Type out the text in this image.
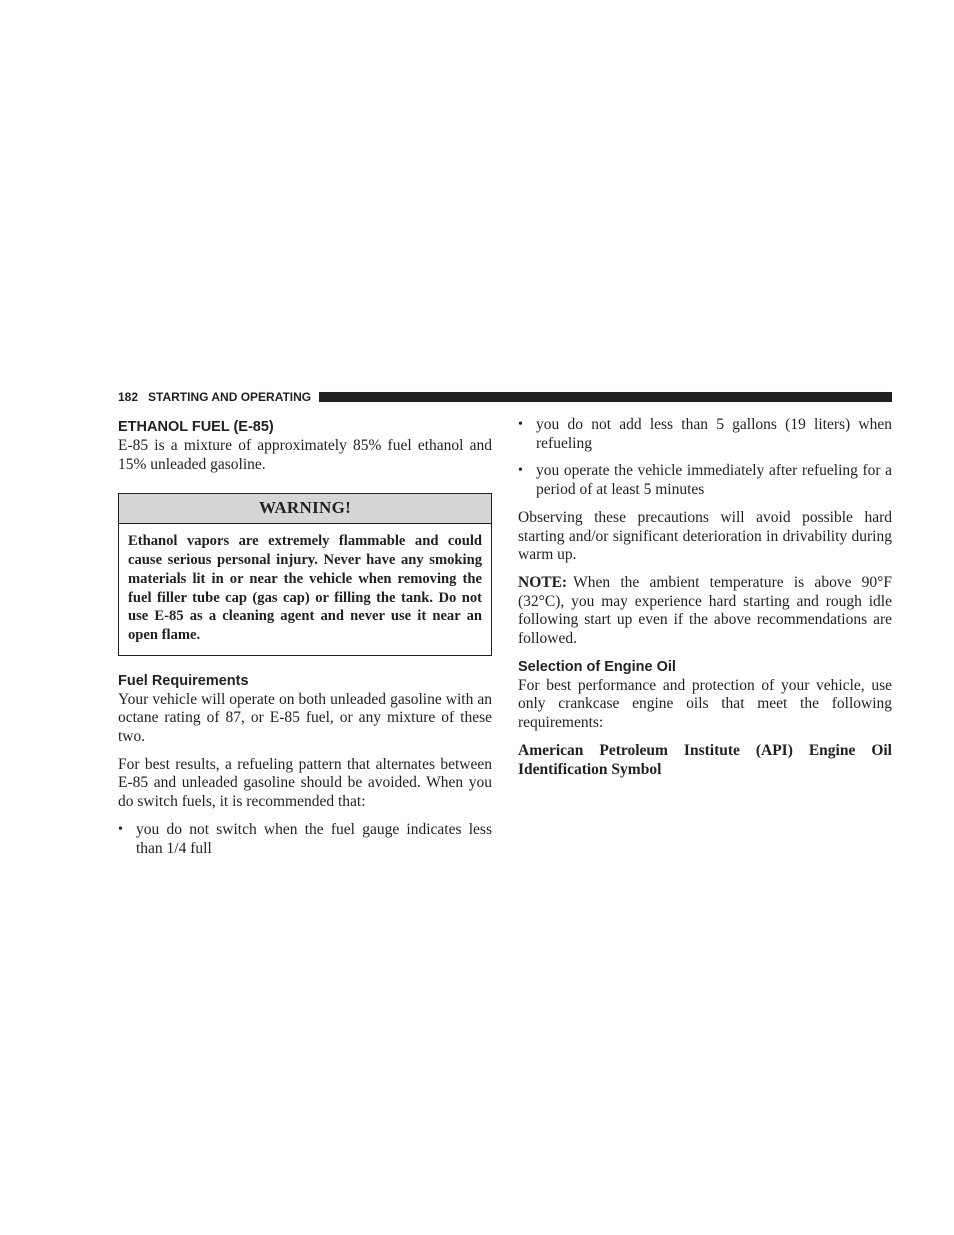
182 STARTING AND OPERATING
ETHANOL FUEL (E-85)

E-85 is a mixture of approximately 85% fuel ethanol and 15% unleaded gasoline.

WARNING!
Ethanol vapors are extremely flammable and could cause serious personal injury. Never have any smoking materials lit in or near the vehicle when removing the fuel filler tube cap (gas cap) or filling the tank. Do not use E-85 as a cleaning agent and never use it near an open flame.
Fuel Requirements

Your vehicle will operate on both unleaded gasoline with an octane rating of 87, or E-85 fuel, or any mixture of these two.

For best results, a refueling pattern that alternates between E-85 and unleaded gasoline should be avoided. When you do switch fuels, it is recommended that:

• you do not switch when the fuel gauge indicates less than 1/4 full
• you do not add less than 5 gallons (19 liters) when refueling
• you operate the vehicle immediately after refueling for a period of at least 5 minutes

Observing these precautions will avoid possible hard starting and/or significant deterioration in drivability during warm up.

NOTE: When the ambient temperature is above 90°F (32°C), you may experience hard starting and rough idle following start up even if the above recommendations are followed.

Selection of Engine Oil

For best performance and protection of your vehicle, use only crankcase engine oils that meet the following requirements:

American Petroleum Institute (API) Engine Oil Identification Symbol
